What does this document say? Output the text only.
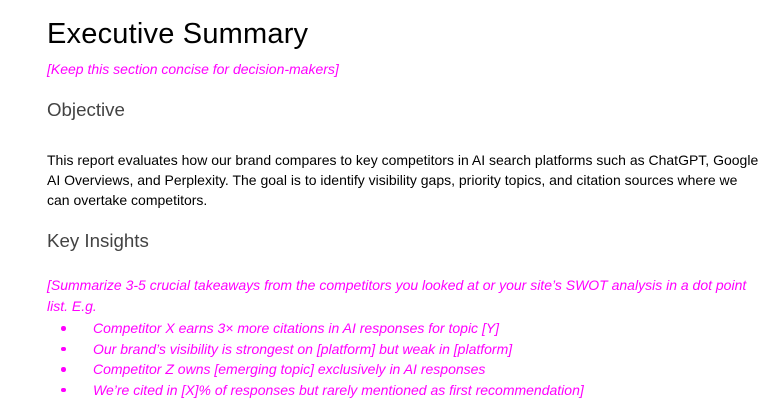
Executive Summary

[Keep this section concise for decision-makers]

Objective

This report evaluates how our brand compares to key competitors in AI search platforms such as ChatGPT, Google AI Overviews, and Perplexity. The goal is to identify visibility gaps, priority topics, and citation sources where we can overtake competitors.

Key Insights

[Summarize 3-5 crucial takeaways from the competitors you looked at or your site’s SWOT analysis in a dot point list. E.g.

Competitor X earns 3× more citations in AI responses for topic [Y]
Our brand’s visibility is strongest on [platform] but weak in [platform]
Competitor Z owns [emerging topic] exclusively in AI responses
We’re cited in [X]% of responses but rarely mentioned as first recommendation]
